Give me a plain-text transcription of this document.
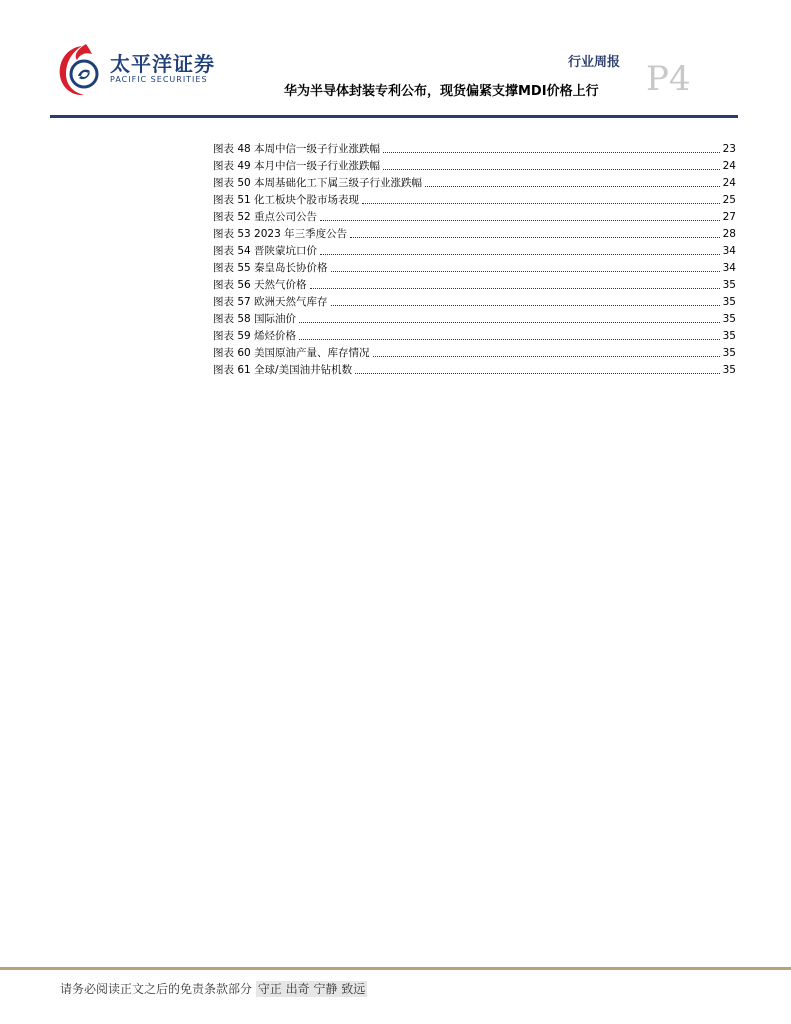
太平洋证券
PACIFIC SECURITIES
行业周报
华为半导体封装专利公布，现货偏紧支撑MDI价格上行 P4
图表 48 本周中信一级子行业涨跌幅	23
图表 49 本月中信一级子行业涨跌幅	24
图表 50 本周基础化工下属三级子行业涨跌幅	24
图表 51 化工板块个股市场表现	25
图表 52 重点公司公告	27
图表 53 2023 年三季度公告	28
图表 54 晋陕蒙坑口价	34
图表 55 秦皇岛长协价格	34
图表 56 天然气价格	35
图表 57 欧洲天然气库存	35
图表 58 国际油价	35
图表 59 烯烃价格	35
图表 60 美国原油产量、库存情况	35
图表 61 全球/美国油井钻机数	35
请务必阅读正文之后的免责条款部分 守正 出奇 宁静 致远
